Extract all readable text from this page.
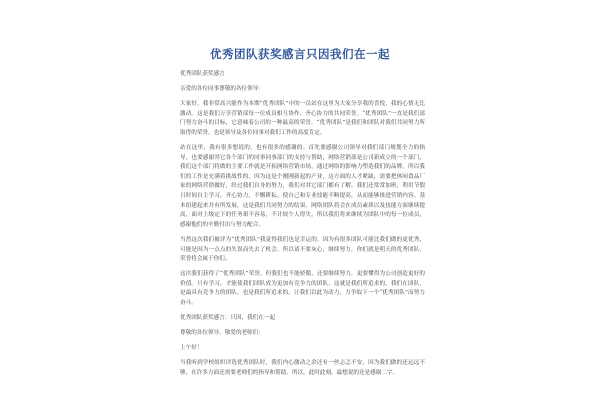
优秀团队获奖感言只因我们在一起

优秀团队获奖感言

亲爱的各位同事尊敬的各位领导：

大家好。我非常高兴能作为本期“优秀团队”中的一员站在这里为大家分享我的喜悦，我的心情无比激动。这是我们万享营销部每一位成员相互协作、齐心协力的共同荣誉。“优秀团队”一直是我们部门努力奋斗的目标，它意味着公司的一种最高的荣誉，“优秀团队”是我们和团队对我们共同努力所取得的荣誉，也是领导及各位同事对我们工作的高度肯定。

站在这里，我有很多想说的，也有很多的感谢的。首先要感谢公司领导对我们部门规划全力的指导，也要感谢其它各个部门的同事同事部门的支持与帮助，网络营销部是公司新成立的一个部门，我们这个部门将做的主要工作就是开拓网络营销市场，通过网络的影响力塑造我们的品牌。所以我们的工作是充满着挑战性的，因为这是个刚刚新起的产业，这方面的人才紧缺，需要把休闲食品厂家的网络营销做好，经过我们自身的努力，我们对其它部门都有了解。我们还常常加班，利用节假日时间自主学习，齐心协力，不懈耕耘。使自己和专业技能不断提高，从而能够推进营销内容、基本组建起来并有所发展，这是我们共同努力的结果。网络团队将会在成员素质以及技能方面继续提高，面对上级定下的任务艰不容易，不计较个人得失，所以我们将来继续为团队中的每一位成员，感谢他们的辛勤付出与努力配合。

当然这次我们被评为“优秀团队”我觉得我们也是幸运的。因为有很多团队可能比我们做的更优秀，可能是因为一点点的失误而失去了机会。所以请不要灰心，继续努力，你们就是明天的优秀团队，荣誉将会属于你们。

这次我们获得了“优秀团队”荣誉，但我们也不能骄傲，还要继续努力，更要懂得为公司创造更好的价值。只有学习，才能使我们团队成为更加有竞争力的团队，这就是我们所追求的，我们在团队，是最具有竞争力的团队，也是我们所追求的。让我们以此为动力，力争取下一个“优秀团队”而努力奋斗。

优秀团队获奖感言：只因，我们在一起

尊敬的各位领导、敬爱的老师们：

上午好！

当我听到学校组织评选优秀团队时，我们内心激动之余还有一丝忐忑不安，因为我们做的还远远不够，在许多方面还需要老师们的指导和帮助。所以，此时此刻，最想说的还是感谢二字。
